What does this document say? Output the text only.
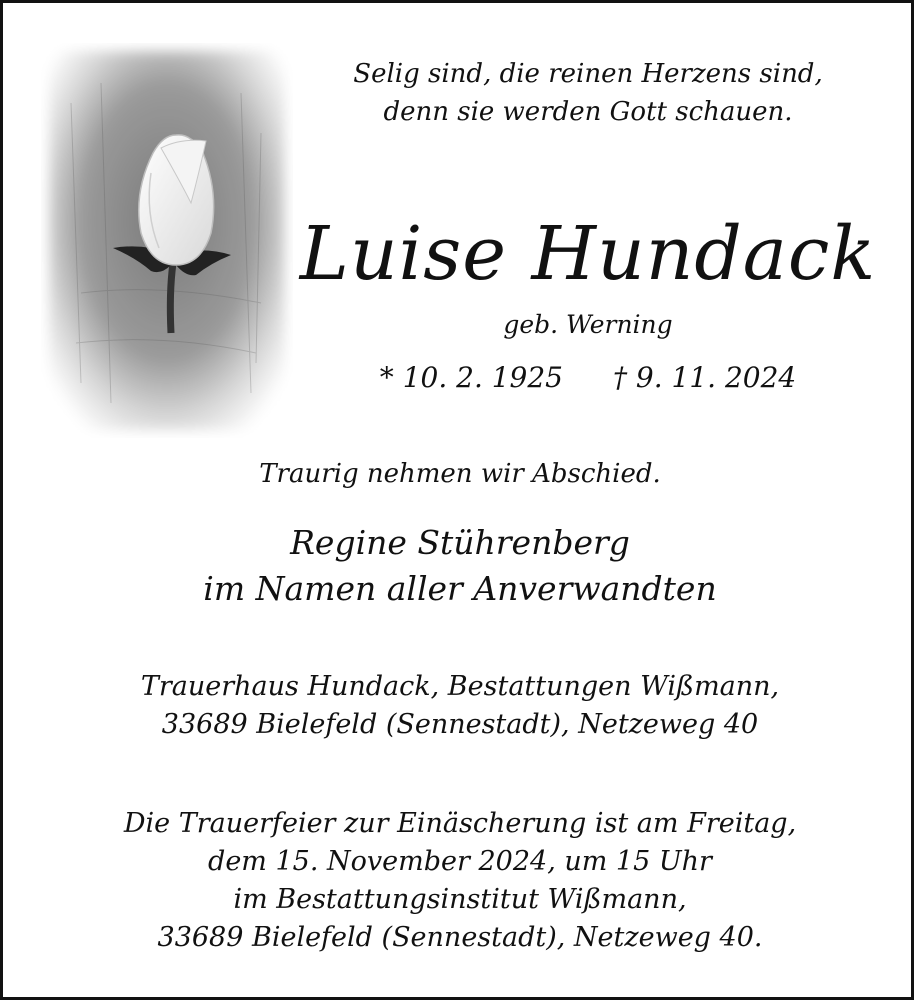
Selig sind, die reinen Herzens sind,
denn sie werden Gott schauen.
Luise Hundack
geb. Werning
* 10. 2. 1925 † 9. 11. 2024
Traurig nehmen wir Abschied.
Regine Stührenberg
im Namen aller Anverwandten
Trauerhaus Hundack, Bestattungen Wißmann,
33689 Bielefeld (Sennestadt), Netzeweg 40
Die Trauerfeier zur Einäscherung ist am Freitag,
dem 15. November 2024, um 15 Uhr
im Bestattungsinstitut Wißmann,
33689 Bielefeld (Sennestadt), Netzeweg 40.
